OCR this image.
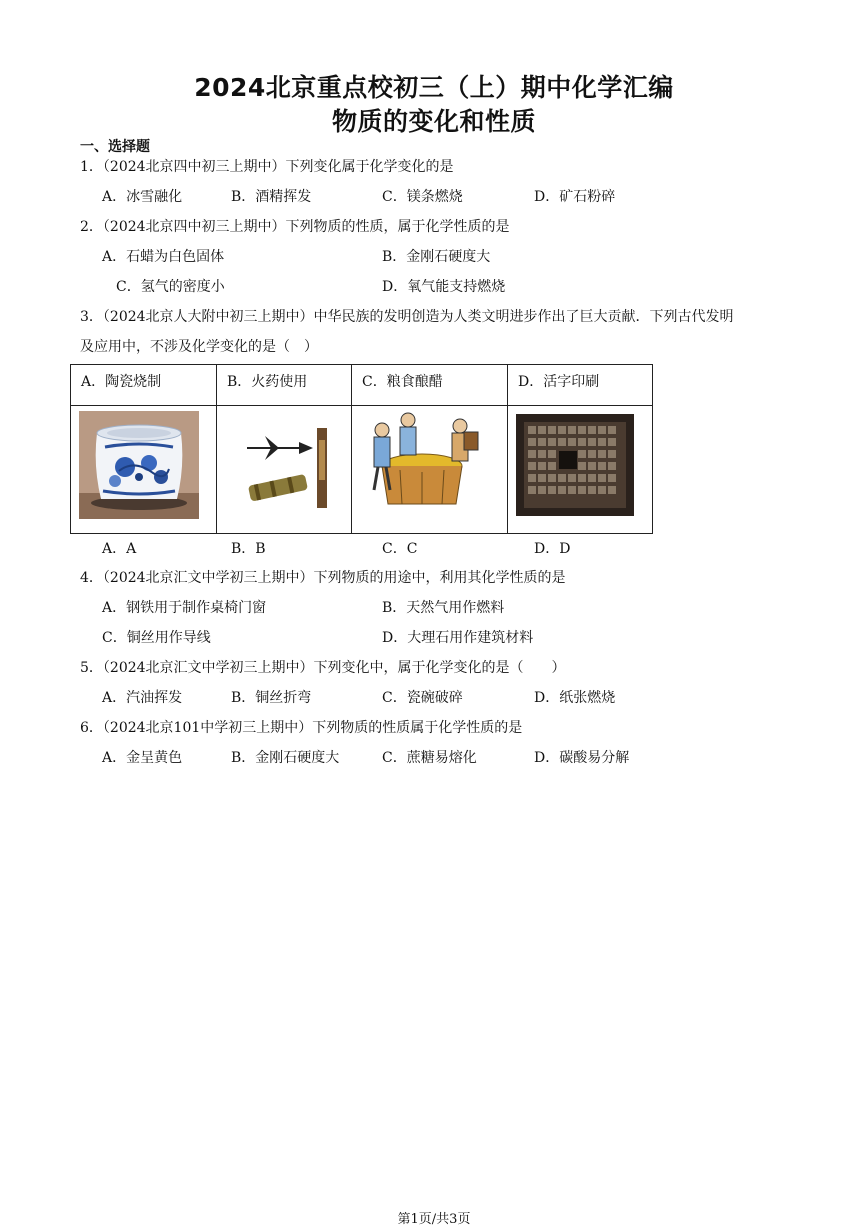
2024北京重点校初三（上）期中化学汇编
物质的变化和性质
一、选择题
1．（2024北京四中初三上期中）下列变化属于化学变化的是
A．冰雪融化	B．酒精挥发	C．镁条燃烧	D．矿石粉碎
2．（2024北京四中初三上期中）下列物质的性质，属于化学性质的是
A．石蜡为白色固体	B．金刚石硬度大
C．氢气的密度小	D．氧气能支持燃烧
3．（2024北京人大附中初三上期中）中华民族的发明创造为人类文明进步作出了巨大贡献．下列古代发明
及应用中，不涉及化学变化的是（　）
A．陶瓷烧制	B．火药使用	C．粮食酿醋	D．活字印刷

A．A	B．B	C．C	D．D
4．（2024北京汇文中学初三上期中）下列物质的用途中，利用其化学性质的是
A．钢铁用于制作桌椅门窗	B．天然气用作燃料
C．铜丝用作导线	D．大理石用作建筑材料
5．（2024北京汇文中学初三上期中）下列变化中，属于化学变化的是（　　）
A．汽油挥发	B．铜丝折弯	C．瓷碗破碎	D．纸张燃烧
6．（2024北京101中学初三上期中）下列物质的性质属于化学性质的是
A．金呈黄色	B．金刚石硬度大	C．蔗糖易熔化	D．碳酸易分解
第1页/共3页
